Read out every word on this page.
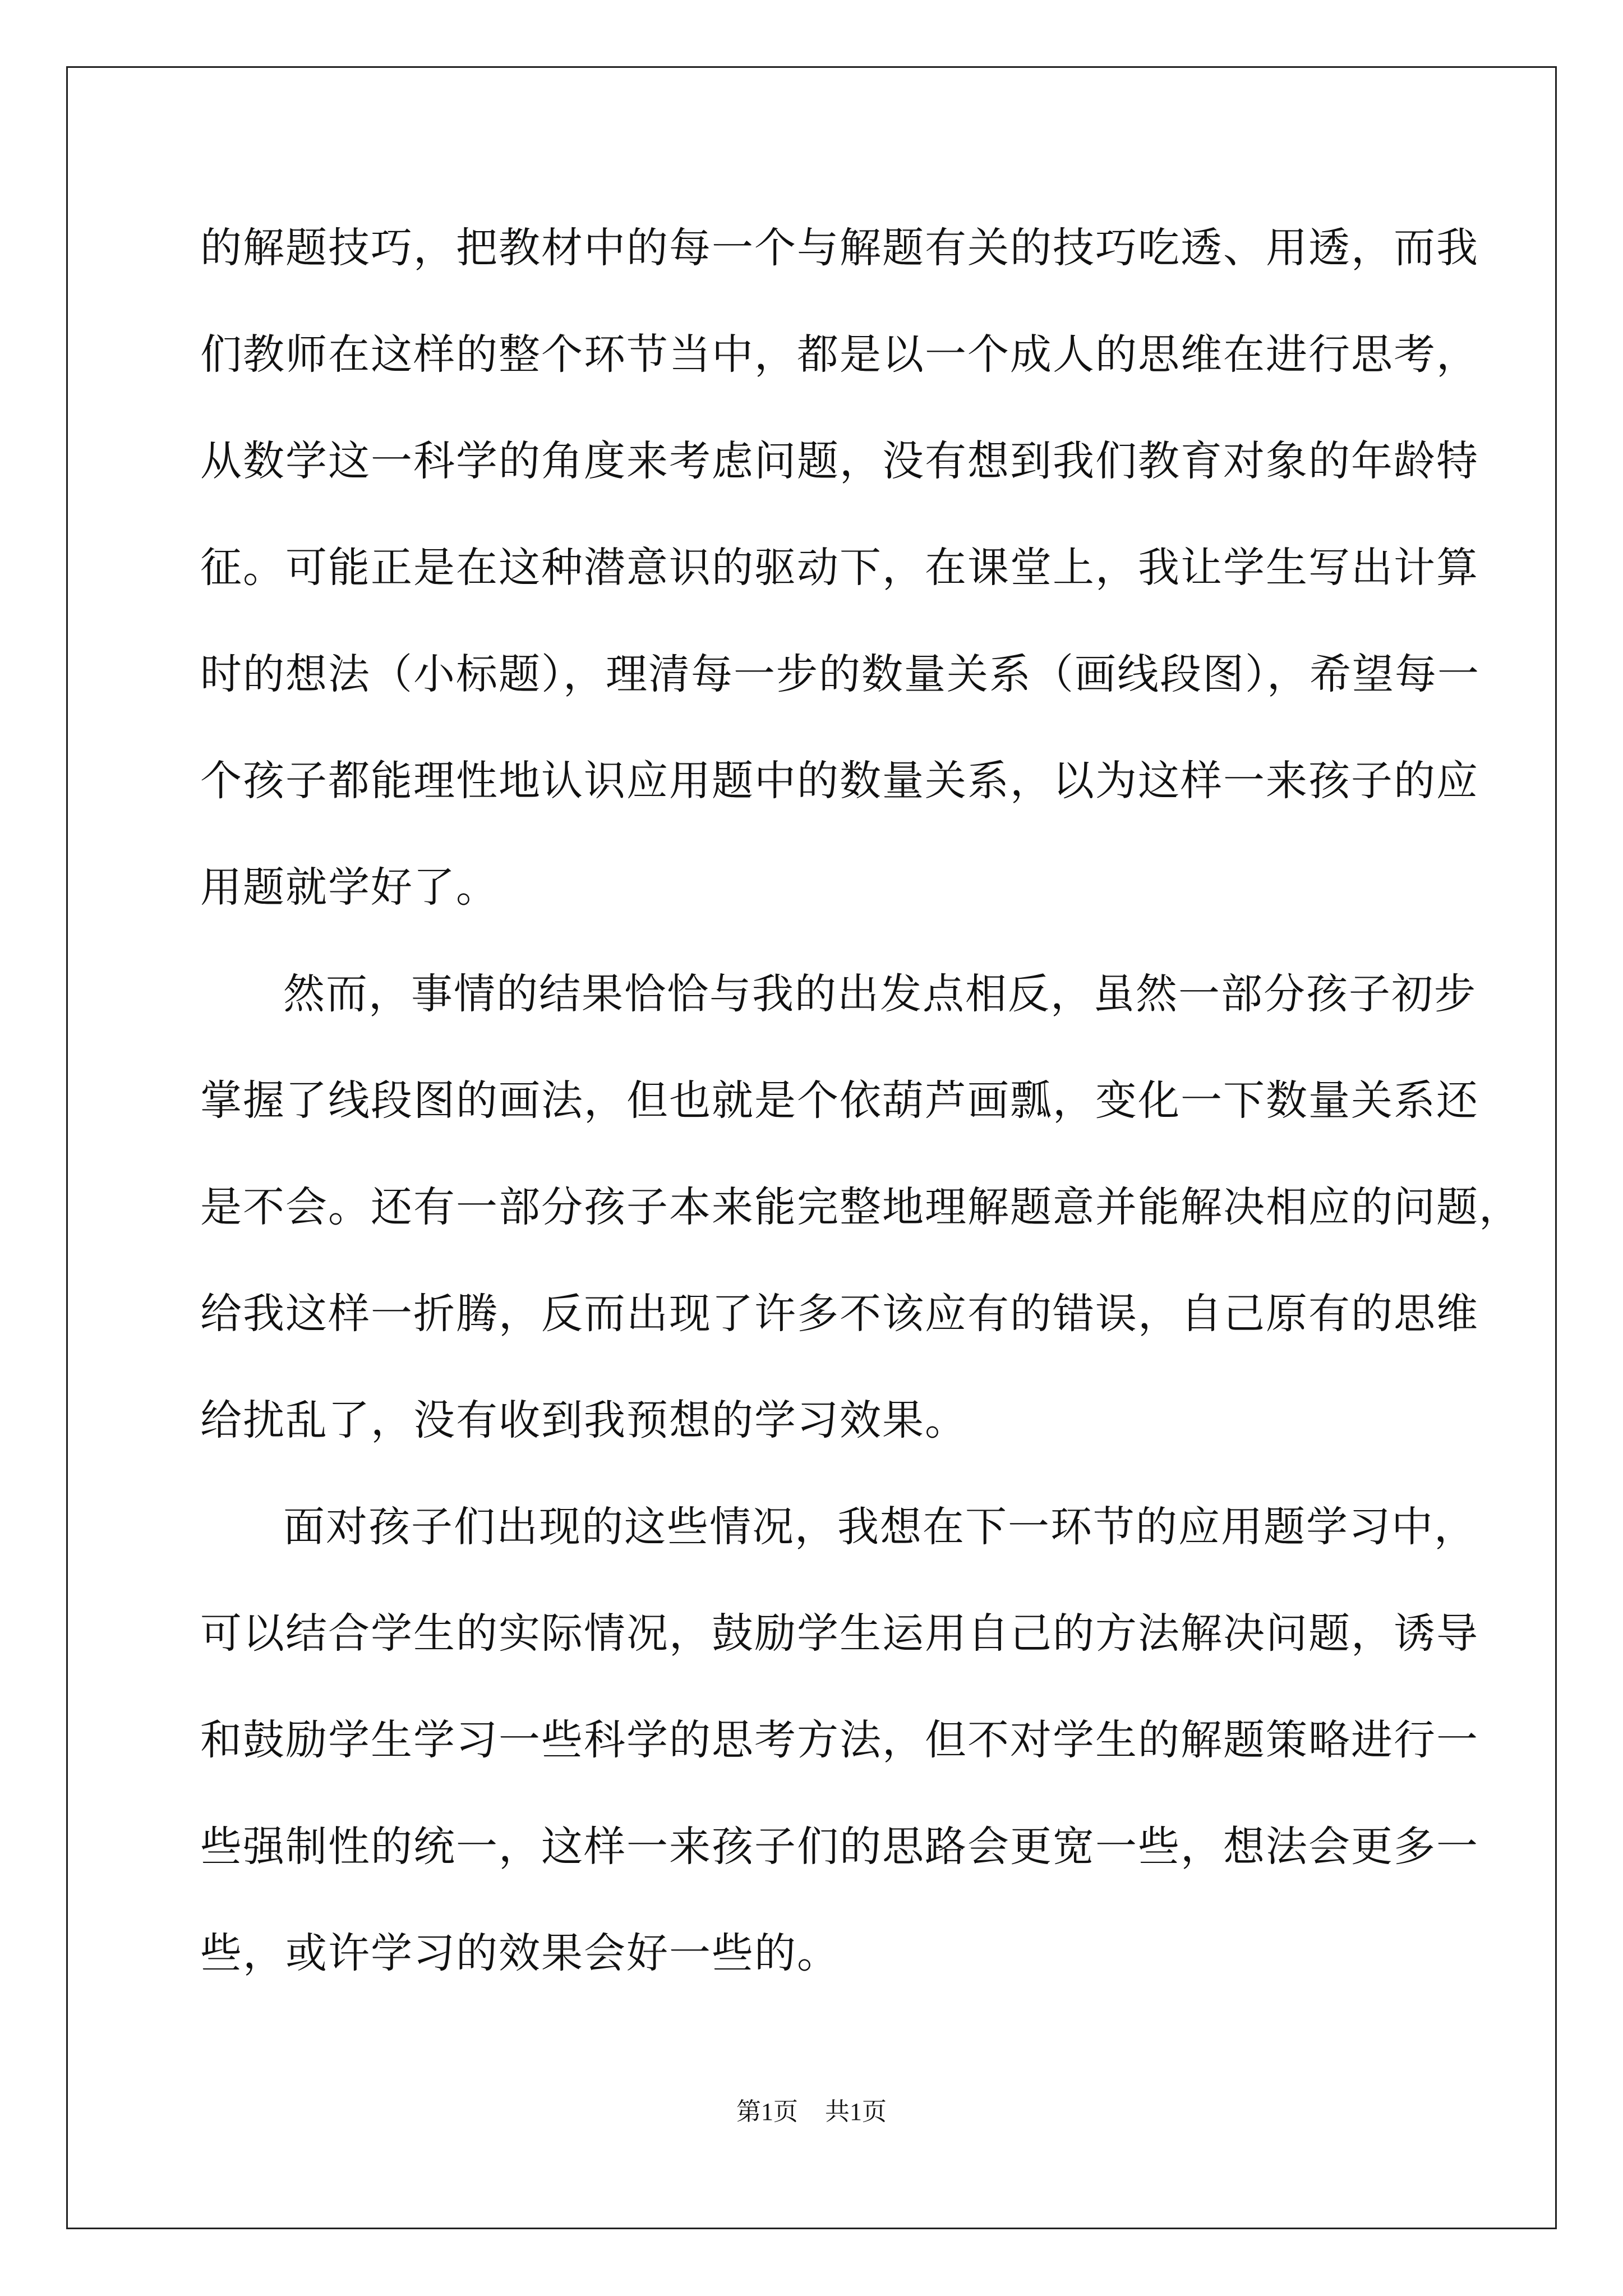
的解题技巧，把教材中的每一个与解题有关的技巧吃透、用透，而我
们教师在这样的整个环节当中，都是以一个成人的思维在进行思考，
从数学这一科学的角度来考虑问题，没有想到我们教育对象的年龄特
征。可能正是在这种潜意识的驱动下，在课堂上，我让学生写出计算
时的想法（小标题），理清每一步的数量关系（画线段图），希望每一
个孩子都能理性地认识应用题中的数量关系，以为这样一来孩子的应
用题就学好了。
然而，事情的结果恰恰与我的出发点相反，虽然一部分孩子初步
掌握了线段图的画法，但也就是个依葫芦画瓢，变化一下数量关系还
是不会。还有一部分孩子本来能完整地理解题意并能解决相应的问题，
给我这样一折腾，反而出现了许多不该应有的错误，自己原有的思维
给扰乱了，没有收到我预想的学习效果。
面对孩子们出现的这些情况，我想在下一环节的应用题学习中，
可以结合学生的实际情况，鼓励学生运用自己的方法解决问题，诱导
和鼓励学生学习一些科学的思考方法，但不对学生的解题策略进行一
些强制性的统一，这样一来孩子们的思路会更宽一些，想法会更多一
些，或许学习的效果会好一些的。
第1页 共1页
